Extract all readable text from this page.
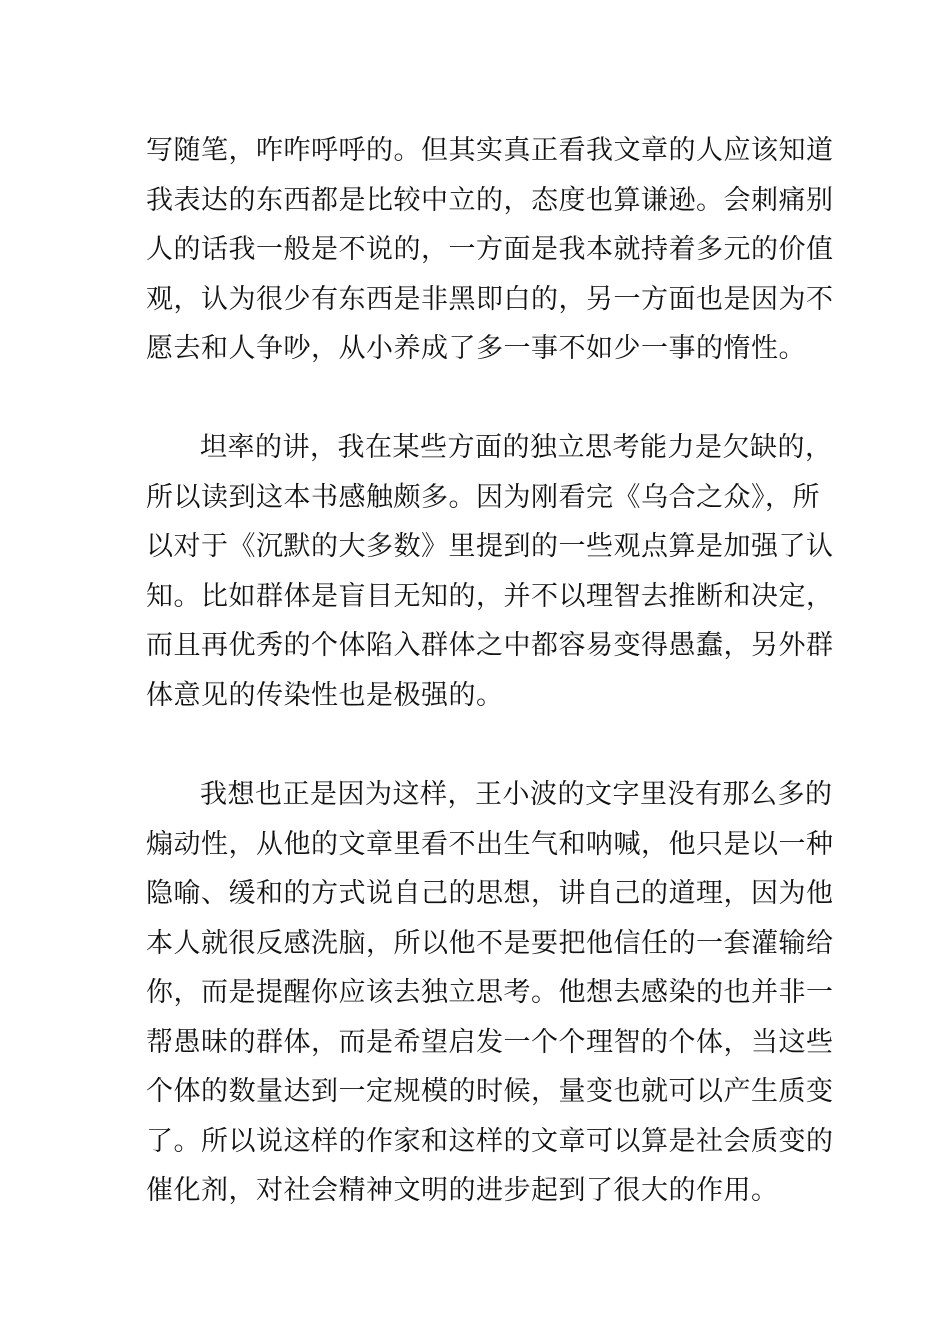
写随笔，咋咋呼呼的。但其实真正看我文章的人应该知道
我表达的东西都是比较中立的，态度也算谦逊。会刺痛别
人的话我一般是不说的，一方面是我本就持着多元的价值
观，认为很少有东西是非黑即白的，另一方面也是因为不
愿去和人争吵，从小养成了多一事不如少一事的惰性。
坦率的讲，我在某些方面的独立思考能力是欠缺的，
所以读到这本书感触颇多。因为刚看完《乌合之众》，所
以对于《沉默的大多数》里提到的一些观点算是加强了认
知。比如群体是盲目无知的，并不以理智去推断和决定，
而且再优秀的个体陷入群体之中都容易变得愚蠢，另外群
体意见的传染性也是极强的。
我想也正是因为这样，王小波的文字里没有那么多的
煽动性，从他的文章里看不出生气和呐喊，他只是以一种
隐喻、缓和的方式说自己的思想，讲自己的道理，因为他
本人就很反感洗脑，所以他不是要把他信任的一套灌输给
你，而是提醒你应该去独立思考。他想去感染的也并非一
帮愚昧的群体，而是希望启发一个个理智的个体，当这些
个体的数量达到一定规模的时候，量变也就可以产生质变
了。所以说这样的作家和这样的文章可以算是社会质变的
催化剂，对社会精神文明的进步起到了很大的作用。
